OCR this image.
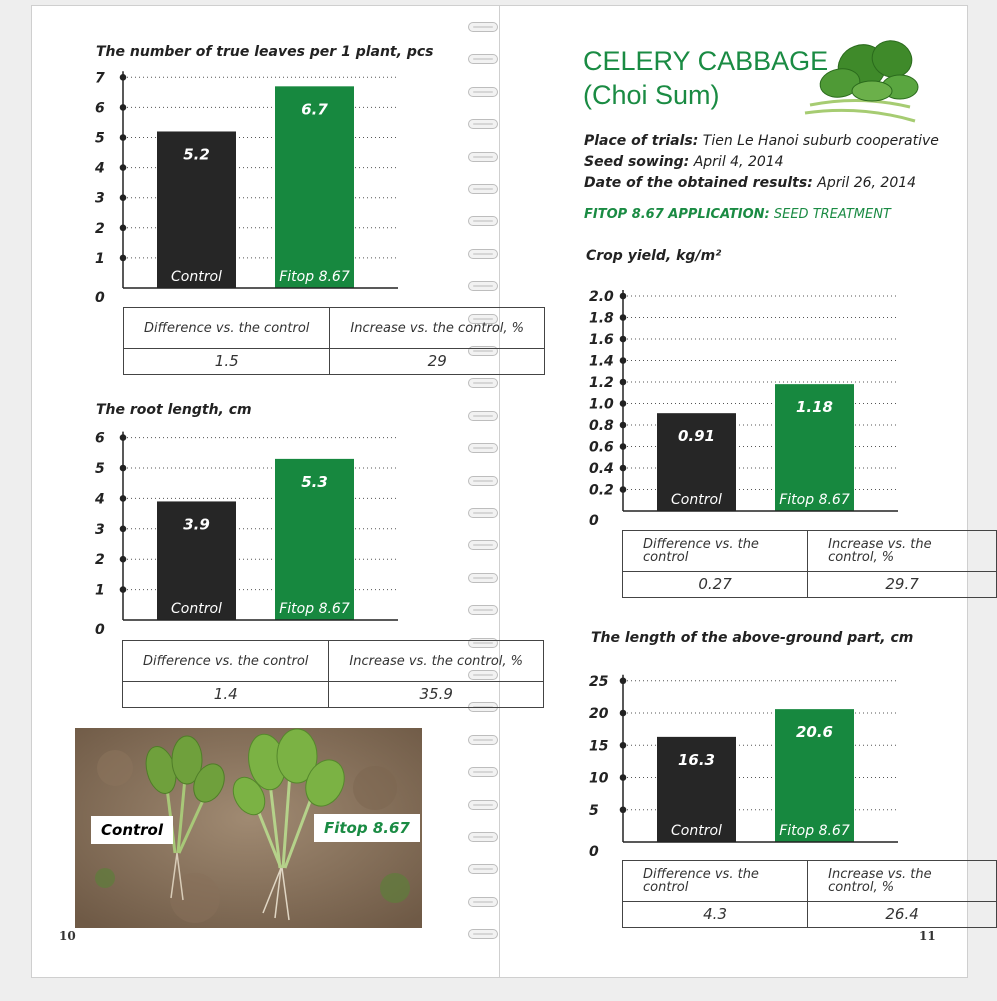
The number of true leaves per 1 plant, pcs
0
1
2
3
4
5
6
7
5.2
Control
6.7
Fitop 8.67
Difference vs. the control	Increase vs. the control, %
1.5	29
The root length, cm
0
1
2
3
4
5
6
3.9
Control
5.3
Fitop 8.67
Difference vs. the control	Increase vs. the control, %
1.4	35.9
Control	Fitop 8.67
10	11
CELERY CABBAGE
(Choi Sum)
Place of trials: Tien Le Hanoi suburb cooperative
Seed sowing: April 4, 2014
Date of the obtained results: April 26, 2014
FITOP 8.67 APPLICATION: SEED TREATMENT
Crop yield, kg/m²
0
0.2
0.4
0.6
0.8
1.0
1.2
1.4
1.6
1.8
2.0
0.91
Control
1.18
Fitop 8.67
Difference vs. the control	Increase vs. the control, %
0.27	29.7
The length of the above-ground part, cm
0
5
10
15
20
25
16.3
Control
20.6
Fitop 8.67
Difference vs. the control	Increase vs. the control, %
4.3	26.4
